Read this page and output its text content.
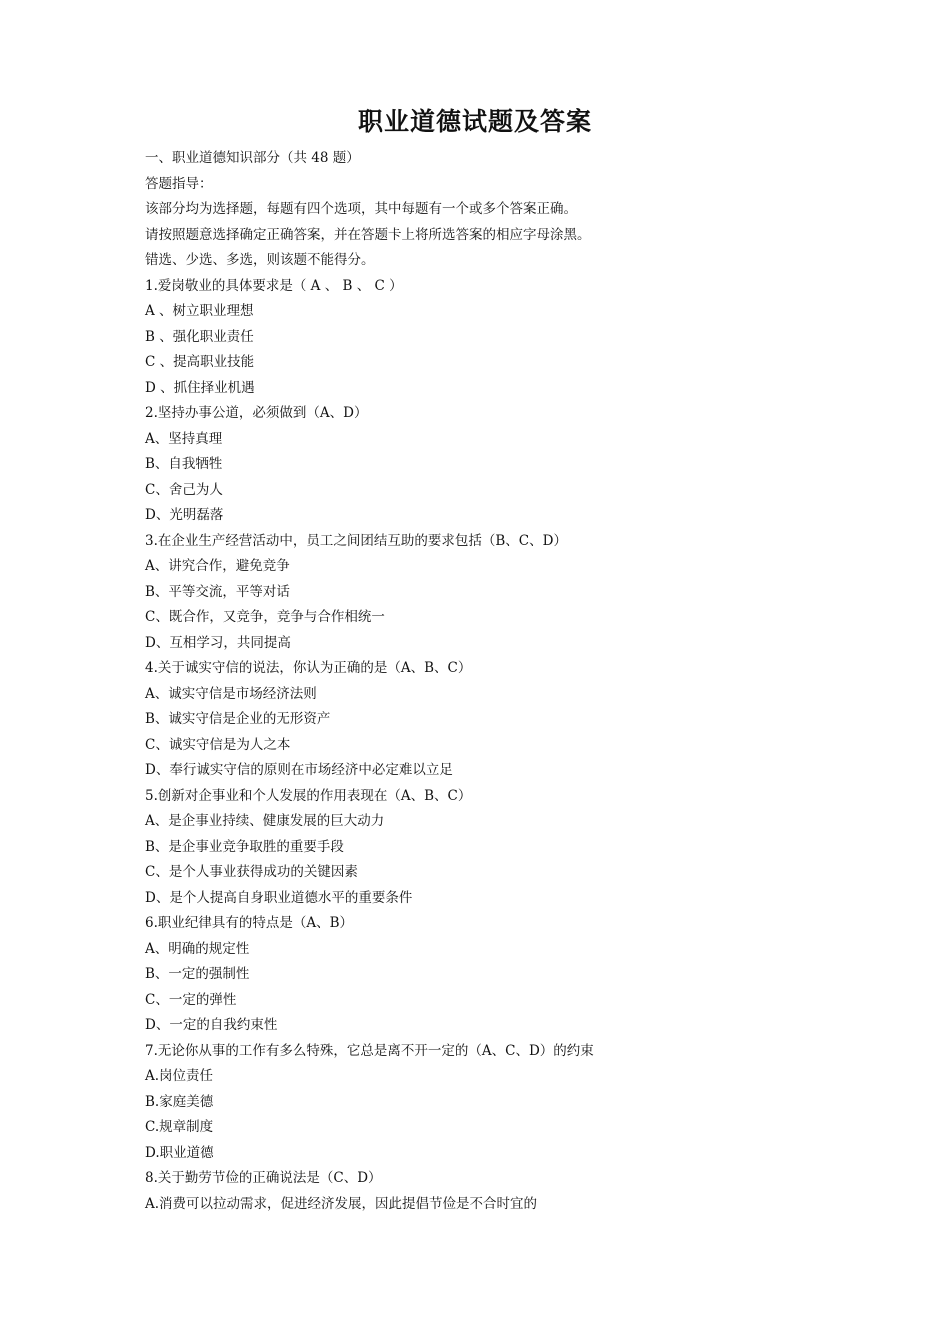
职业道德试题及答案
一、职业道德知识部分（共 48 题）
答题指导：
该部分均为选择题，每题有四个选项，其中每题有一个或多个答案正确。
请按照题意选择确定正确答案，并在答题卡上将所选答案的相应字母涂黑。
错选、少选、多选，则该题不能得分。
1.爱岗敬业的具体要求是（ A 、 B 、 C ）
A 、树立职业理想
B 、强化职业责任
C 、提高职业技能
D 、抓住择业机遇
2.坚持办事公道，必须做到（A、D）
A、坚持真理
B、自我牺牲
C、舍己为人
D、光明磊落
3.在企业生产经营活动中，员工之间团结互助的要求包括（B、C、D）
A、讲究合作，避免竞争
B、平等交流，平等对话
C、既合作，又竞争，竞争与合作相统一
D、互相学习，共同提高
4.关于诚实守信的说法，你认为正确的是（A、B、C）
A、诚实守信是市场经济法则
B、诚实守信是企业的无形资产
C、诚实守信是为人之本
D、奉行诚实守信的原则在市场经济中必定难以立足
5.创新对企事业和个人发展的作用表现在（A、B、C）
A、是企事业持续、健康发展的巨大动力
B、是企事业竞争取胜的重要手段
C、是个人事业获得成功的关键因素
D、是个人提高自身职业道德水平的重要条件
6.职业纪律具有的特点是（A、B）
A、明确的规定性
B、一定的强制性
C、一定的弹性
D、一定的自我约束性
7.无论你从事的工作有多么特殊，它总是离不开一定的（A、C、D）的约束
A.岗位责任
B.家庭美德
C.规章制度
D.职业道德
8.关于勤劳节俭的正确说法是（C、D）
A.消费可以拉动需求，促进经济发展，因此提倡节俭是不合时宜的
